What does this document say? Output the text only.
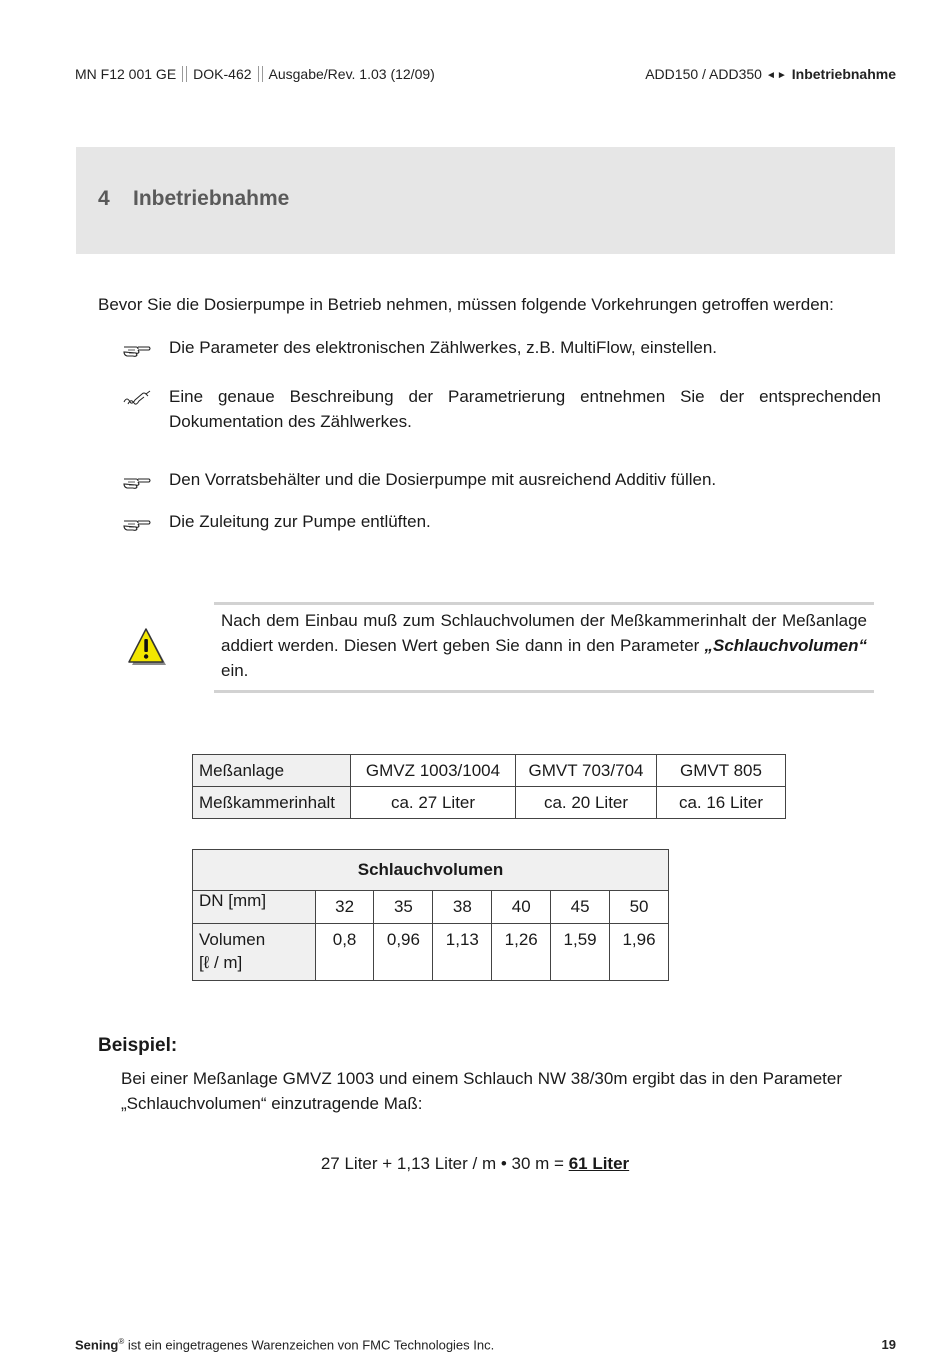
MN F12 001 GE DOK-462 Ausgabe/Rev. 1.03 (12/09)	ADD150 / ADD350 ◄► Inbetriebnahme
4 Inbetriebnahme
Bevor Sie die Dosierpumpe in Betrieb nehmen, müssen folgende Vorkehrungen getroffen werden:
Die Parameter des elektronischen Zählwerkes, z.B. MultiFlow, einstellen.
Eine genaue Beschreibung der Parametrierung entnehmen Sie der entsprechenden Dokumentation des Zählwerkes.
Den Vorratsbehälter und die Dosierpumpe mit ausreichend Additiv füllen.
Die Zuleitung zur Pumpe entlüften.
Nach dem Einbau muß zum Schlauchvolumen der Meßkammerinhalt der Meßanlage addiert werden. Diesen Wert geben Sie dann in den Parameter „Schlauchvolumen“ ein.
Meßanlage	GMVZ 1003/1004	GMVT 703/704	GMVT 805
Meßkammerinhalt	ca. 27 Liter	ca. 20 Liter	ca. 16 Liter
Schlauchvolumen						
DN [mm]	32	35	38	40	45	50
Volumen
[ℓ / m]	0,8	0,96	1,13	1,26	1,59	1,96
Beispiel:
Bei einer Meßanlage GMVZ 1003 und einem Schlauch NW 38/30m ergibt das in den Parameter „Schlauchvolumen“ einzutragende Maß:
27 Liter + 1,13 Liter / m • 30 m = 61 Liter
Sening® ist ein eingetragenes Warenzeichen von FMC Technologies Inc.	19
